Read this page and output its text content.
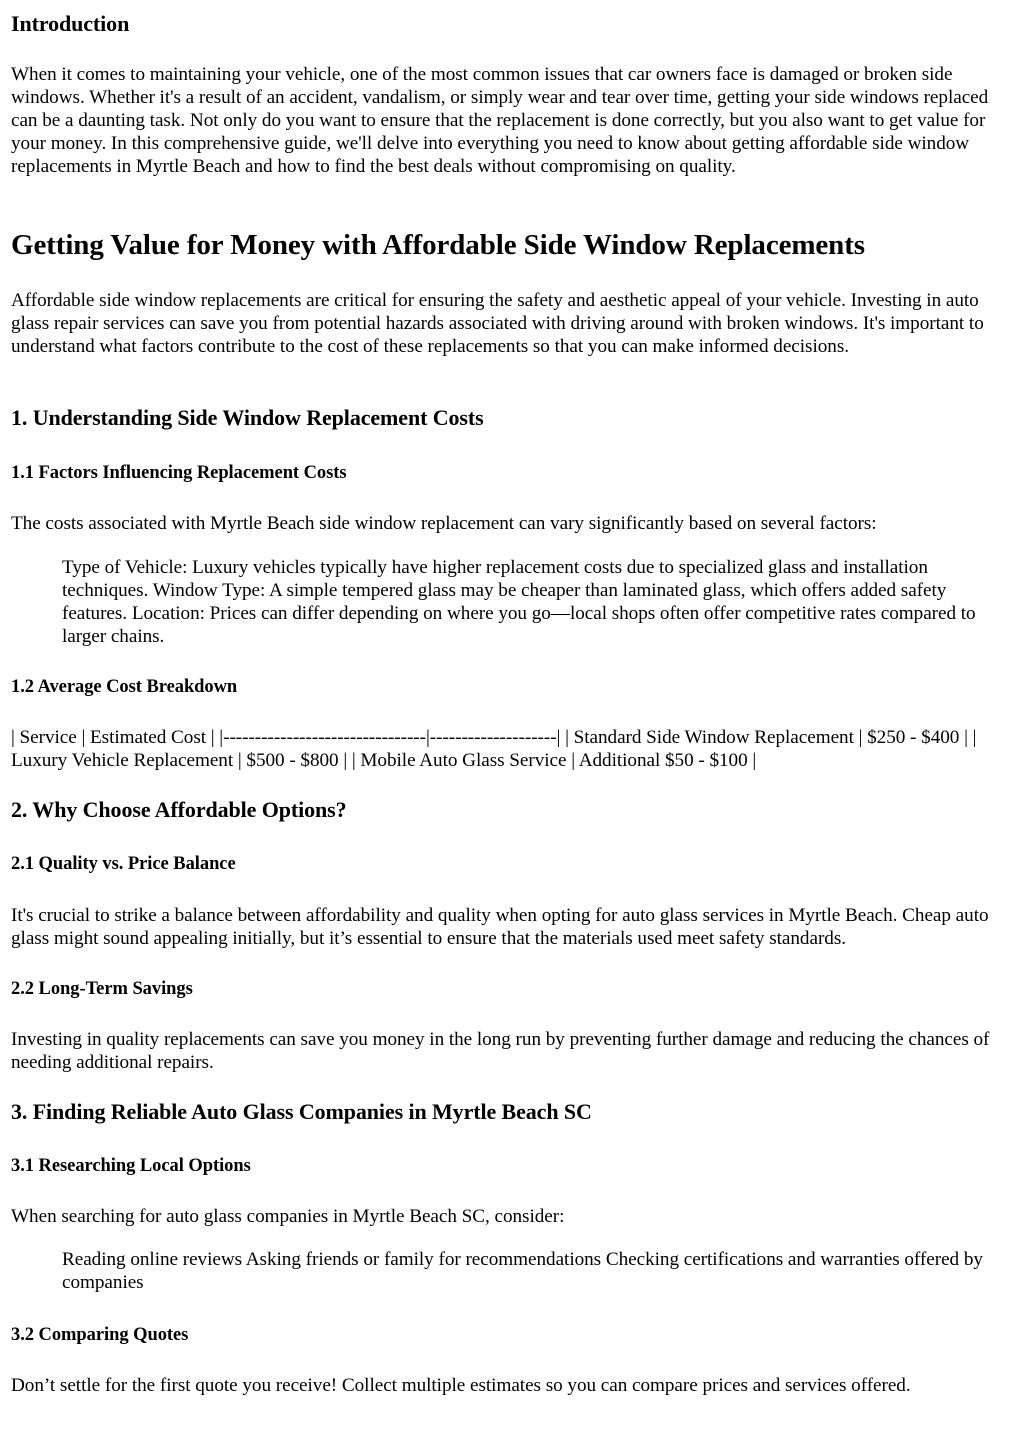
Introduction

When it comes to maintaining your vehicle, one of the most common issues that car owners face is damaged or broken side windows. Whether it's a result of an accident, vandalism, or simply wear and tear over time, getting your side windows replaced can be a daunting task. Not only do you want to ensure that the replacement is done correctly, but you also want to get value for your money. In this comprehensive guide, we'll delve into everything you need to know about getting affordable side window replacements in Myrtle Beach and how to find the best deals without compromising on quality.

Getting Value for Money with Affordable Side Window Replacements

Affordable side window replacements are critical for ensuring the safety and aesthetic appeal of your vehicle. Investing in auto glass repair services can save you from potential hazards associated with driving around with broken windows. It's important to understand what factors contribute to the cost of these replacements so that you can make informed decisions.

1. Understanding Side Window Replacement Costs
1.1 Factors Influencing Replacement Costs

The costs associated with Myrtle Beach side window replacement can vary significantly based on several factors:

Type of Vehicle: Luxury vehicles typically have higher replacement costs due to specialized glass and installation techniques. Window Type: A simple tempered glass may be cheaper than laminated glass, which offers added safety features. Location: Prices can differ depending on where you go—local shops often offer competitive rates compared to larger chains.

1.2 Average Cost Breakdown

| Service | Estimated Cost | |--------------------------------|--------------------| | Standard Side Window Replacement | $250 - $400 | | Luxury Vehicle Replacement | $500 - $800 | | Mobile Auto Glass Service | Additional $50 - $100 |

2. Why Choose Affordable Options?
2.1 Quality vs. Price Balance

It's crucial to strike a balance between affordability and quality when opting for auto glass services in Myrtle Beach. Cheap auto glass might sound appealing initially, but it’s essential to ensure that the materials used meet safety standards.

2.2 Long-Term Savings

Investing in quality replacements can save you money in the long run by preventing further damage and reducing the chances of needing additional repairs.

3. Finding Reliable Auto Glass Companies in Myrtle Beach SC
3.1 Researching Local Options

When searching for auto glass companies in Myrtle Beach SC, consider:

Reading online reviews Asking friends or family for recommendations Checking certifications and warranties offered by companies

3.2 Comparing Quotes

Don’t settle for the first quote you receive! Collect multiple estimates so you can compare prices and services offered.
